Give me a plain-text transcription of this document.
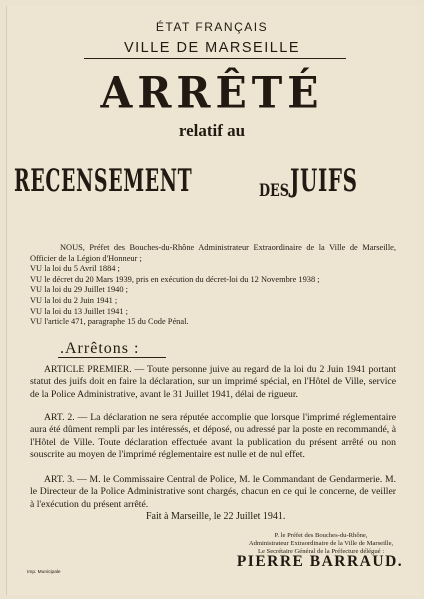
ÉTAT FRANÇAIS
VILLE DE MARSEILLE
ARRÊTÉ
relatif au
RECENSEMENT	DES JUIFS

NOUS, Préfet des Bouches-du-Rhône Administrateur Extraordinaire de la Ville de Marseille, Officier de la Légion d'Honneur ;

VU la loi du 5 Avril 1884 ;

VU le décret du 20 Mars 1939, pris en exécution du décret-loi du 12 Novembre 1938 ;

VU la loi du 29 Juillet 1940 ;

VU la loi du 2 Juin 1941 ;

VU la loi du 13 Juillet 1941 ;

VU l'article 471, paragraphe 15 du Code Pénal.

.Arrêtons :

ARTICLE PREMIER. — Toute personne juive au regard de la loi du 2 Juin 1941 portant statut des juifs doit en faire la déclaration, sur un imprimé spécial, en l'Hôtel de Ville, service de la Police Administrative, avant le 31 Juillet 1941, délai de rigueur.

ART. 2. — La déclaration ne sera réputée accomplie que lorsque l'imprimé réglementaire aura été dûment rempli par les intéressés, et déposé, ou adressé par la poste en recommandé, à l'Hôtel de Ville. Toute déclaration effectuée avant la publication du présent arrêté ou non souscrite au moyen de l'imprimé réglementaire est nulle et de nul effet.

ART. 3. — M. le Commissaire Central de Police, M. le Commandant de Gendarmerie. M. le Directeur de la Police Administrative sont chargés, chacun en ce qui le concerne, de veiller à l'exécution du présent arrêté.

Fait à Marseille, le 22 Juillet 1941.
P. le Préfet des Bouches-du-Rhône,
Administrateur Extraordinaire de la Ville de Marseille,
Le Secrétaire Général de la Préfecture délégué :
PIERRE BARRAUD.
Imp. Municipale
